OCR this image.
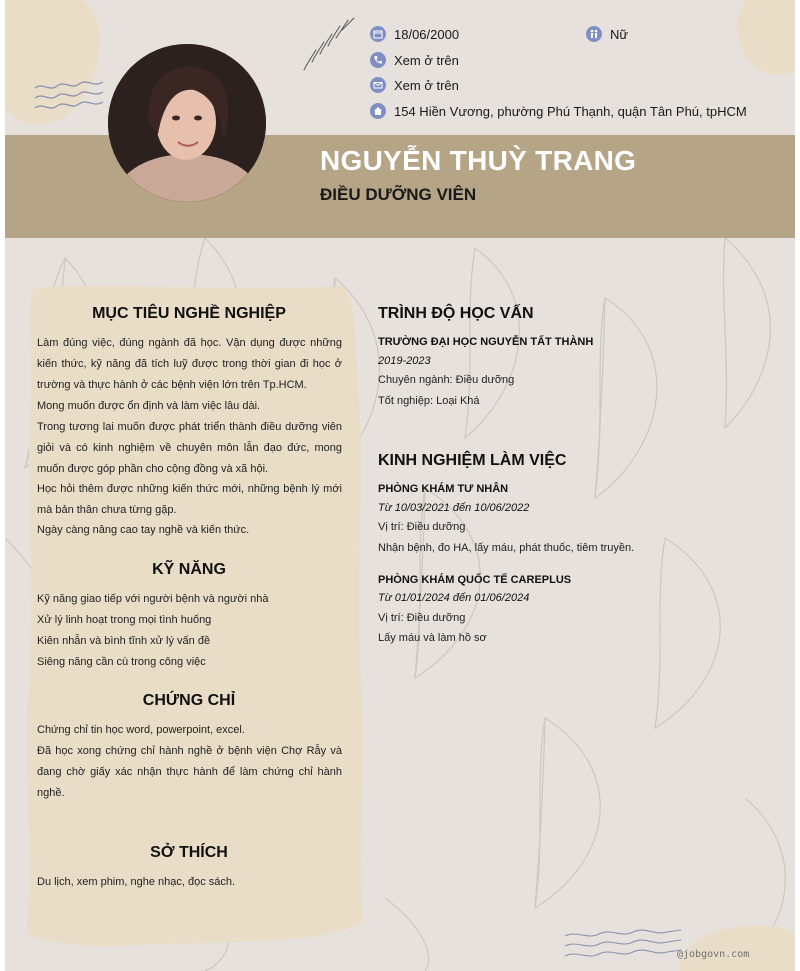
18/06/2000	Nữ
Xem ở trên
Xem ở trên
154 Hiền Vương, phường Phú Thạnh, quận Tân Phú, tpHCM
NGUYỄN THUỲ TRANG
ĐIỀU DƯỠNG VIÊN
MỤC TIÊU NGHỀ NGHIỆP
Làm đúng việc, đúng ngành đã học. Vận dụng được những kiến thức, kỹ năng đã tích luỹ được trong thời gian đi học ở trường và thực hành ở các bệnh viện lớn trên Tp.HCM.
Mong muốn được ổn định và làm việc lâu dài.
Trong tương lai muốn được phát triển thành điều dưỡng viên giỏi và có kinh nghiệm về chuyên môn lẫn đạo đức, mong muốn được góp phần cho cộng đồng và xã hội.
Học hỏi thêm được những kiến thức mới, những bệnh lý mới mà bản thân chưa từng gặp.
Ngày càng nâng cao tay nghề và kiến thức.
KỸ NĂNG
Kỹ năng giao tiếp với người bệnh và người nhà
Xử lý linh hoạt trong mọi tình huống
Kiên nhẫn và bình tĩnh xử lý vấn đề
Siêng năng cần cù trong công việc
CHỨNG CHỈ
Chứng chỉ tin học word, powerpoint, excel.
Đã học xong chứng chỉ hành nghề ở bệnh viện Chợ Rẫy và đang chờ giấy xác nhận thực hành để làm chứng chỉ hành nghề.
SỞ THÍCH
Du lịch, xem phim, nghe nhạc, đọc sách.
TRÌNH ĐỘ HỌC VẤN
TRƯỜNG ĐẠI HỌC NGUYỄN TẤT THÀNH
2019-2023
Chuyên ngành: Điều dưỡng
Tốt nghiệp: Loại Khá
KINH NGHIỆM LÀM VIỆC
PHÒNG KHÁM TƯ NHÂN
Từ 10/03/2021 đến 10/06/2022
Vị trí: Điều dưỡng
Nhận bệnh, đo HA, lấy máu, phát thuốc, tiêm truyền.
PHÒNG KHÁM QUỐC TẾ CAREPLUS
Từ 01/01/2024 đến 01/06/2024
Vị trí: Điều dưỡng
Lấy máu và làm hồ sơ
@jobgovn.com
